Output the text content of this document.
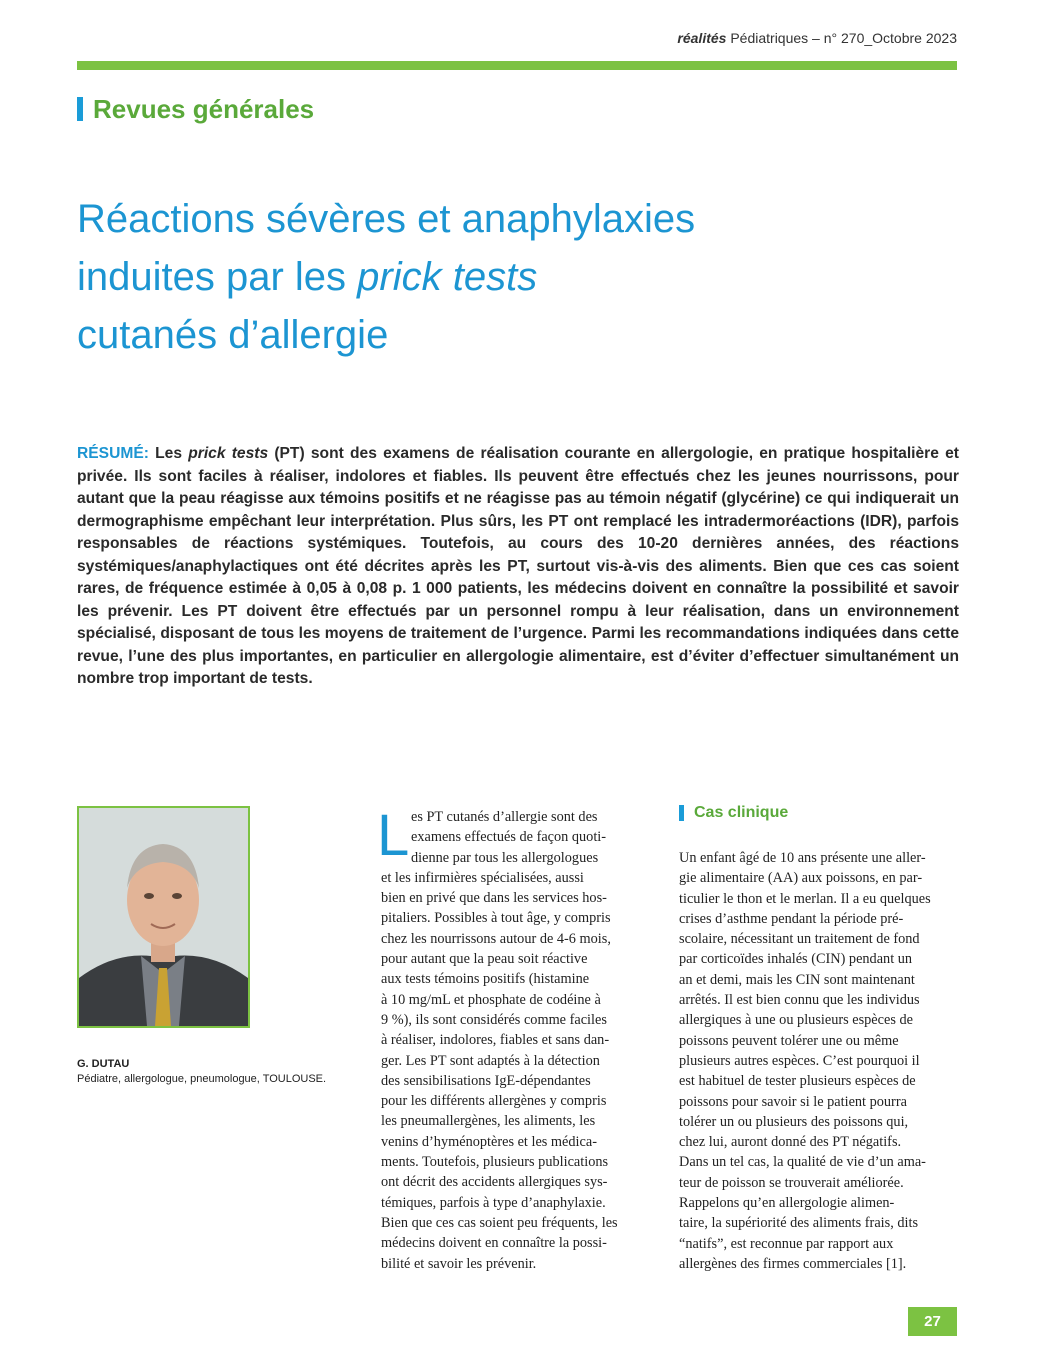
réalités Pédiatriques – n° 270_Octobre 2023
Revues générales
Réactions sévères et anaphylaxies
induites par les prick tests
cutanés d’allergie
RÉSUMÉ: Les prick tests (PT) sont des examens de réalisation courante en allergologie, en pratique hospitalière et privée. Ils sont faciles à réaliser, indolores et fiables. Ils peuvent être effectués chez les jeunes nourrissons, pour autant que la peau réagisse aux témoins positifs et ne réagisse pas au témoin négatif (glycérine) ce qui indiquerait un dermographisme empêchant leur interprétation. Plus sûrs, les PT ont remplacé les intradermoréactions (IDR), parfois responsables de réactions systémiques. Toutefois, au cours des 10-20 dernières années, des réactions systémiques/anaphylactiques ont été décrites après les PT, surtout vis-à-vis des aliments. Bien que ces cas soient rares, de fréquence estimée à 0,05 à 0,08 p. 1 000 patients, les médecins doivent en connaître la possibilité et savoir les prévenir. Les PT doivent être effectués par un personnel rompu à leur réalisation, dans un environnement spécialisé, disposant de tous les moyens de traitement de l’urgence. Parmi les recommandations indiquées dans cette revue, l’une des plus importantes, en particulier en allergologie alimentaire, est d’éviter d’effectuer simultanément un nombre trop important de tests.
G. DUTAU
Pédiatre, allergologue, pneumologue, TOULOUSE.
L es PT cutanés d’allergie sont des
examens effectués de façon quoti-
dienne par tous les allergologues
et les infirmières spécialisées, aussi
bien en privé que dans les services hos-
pitaliers. Possibles à tout âge, y compris
chez les nourrissons autour de 4-6 mois,
pour autant que la peau soit réactive
aux tests témoins positifs (histamine
à 10 mg/mL et phosphate de codéine à
9 %), ils sont considérés comme faciles
à réaliser, indolores, fiables et sans dan-
ger. Les PT sont adaptés à la détection
des sensibilisations IgE-dépendantes
pour les différents allergènes y compris
les pneumallergènes, les aliments, les
venins d’hyménoptères et les médica-
ments. Toutefois, plusieurs publications
ont décrit des accidents allergiques sys-
témiques, parfois à type d’anaphylaxie.
Bien que ces cas soient peu fréquents, les
médecins doivent en connaître la possi-
bilité et savoir les prévenir.
Cas clinique
Un enfant âgé de 10 ans présente une aller-
gie alimentaire (AA) aux poissons, en par-
ticulier le thon et le merlan. Il a eu quelques
crises d’asthme pendant la période pré-
scolaire, nécessitant un traitement de fond
par corticoïdes inhalés (CIN) pendant un
an et demi, mais les CIN sont maintenant
arrêtés. Il est bien connu que les individus
allergiques à une ou plusieurs espèces de
poissons peuvent tolérer une ou même
plusieurs autres espèces. C’est pourquoi il
est habituel de tester plusieurs espèces de
poissons pour savoir si le patient pourra
tolérer un ou plusieurs des poissons qui,
chez lui, auront donné des PT négatifs.
Dans un tel cas, la qualité de vie d’un ama-
teur de poisson se trouverait améliorée.
Rappelons qu’en allergologie alimen-
taire, la supériorité des aliments frais, dits
“natifs”, est reconnue par rapport aux
allergènes des firmes commerciales [1].
27
